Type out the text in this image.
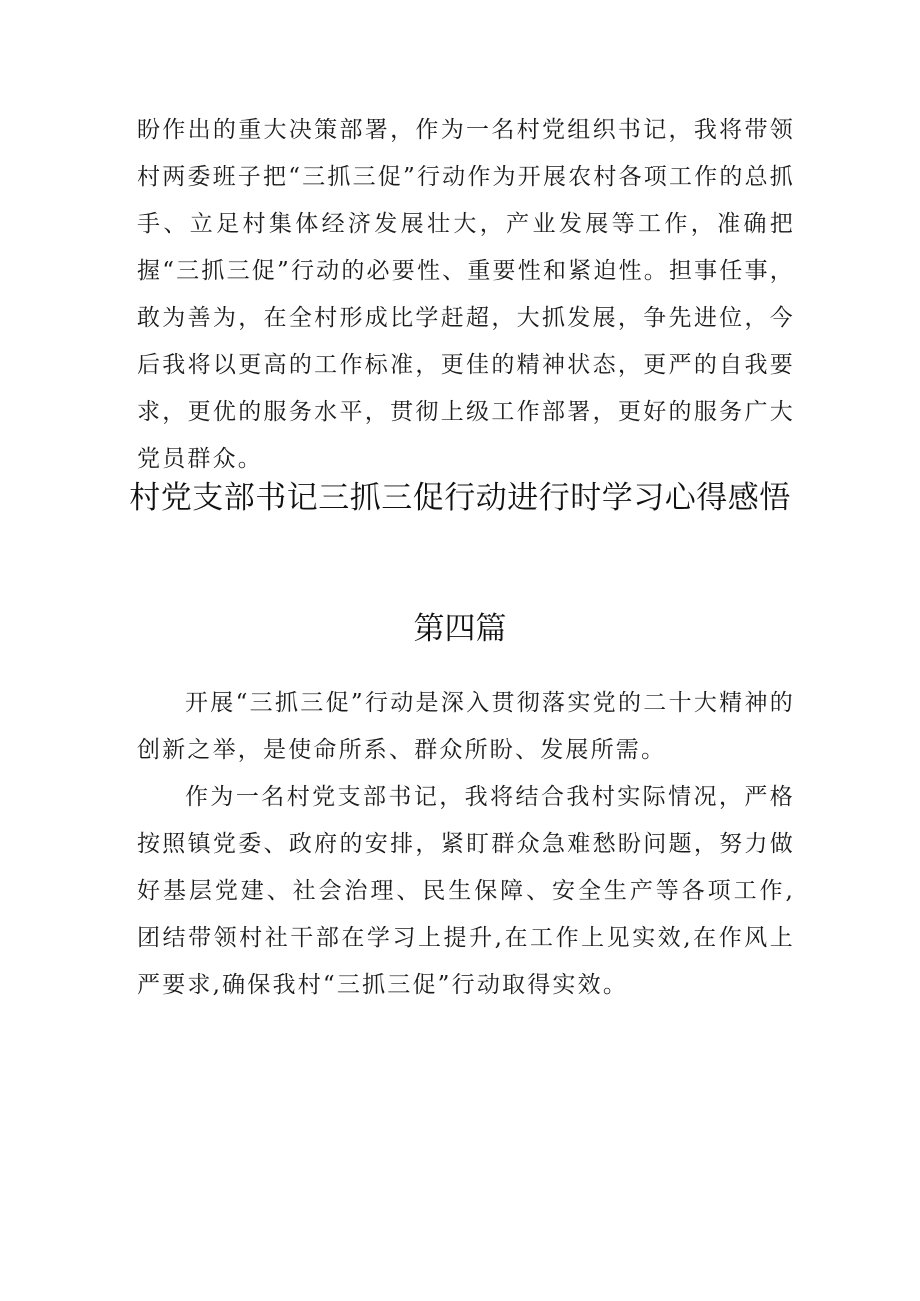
盼作出的重大决策部署，作为一名村党组织书记，我将带领村两委班子把“三抓三促”行动作为开展农村各项工作的总抓手、立足村集体经济发展壮大，产业发展等工作，准确把握“三抓三促”行动的必要性、重要性和紧迫性。担事任事，敢为善为，在全村形成比学赶超，大抓发展，争先进位，今后我将以更高的工作标准，更佳的精神状态，更严的自我要求，更优的服务水平，贯彻上级工作部署，更好的服务广大党员群众。

村党支部书记三抓三促行动进行时学习心得感悟
第四篇

开展“三抓三促”行动是深入贯彻落实党的二十大精神的创新之举，是使命所系、群众所盼、发展所需。

作为一名村党支部书记，我将结合我村实际情况，严格按照镇党委、政府的安排，紧盯群众急难愁盼问题，努力做好基层党建、社会治理、民生保障、安全生产等各项工作,团结带领村社干部在学习上提升,在工作上见实效,在作风上严要求,确保我村“三抓三促”行动取得实效。
